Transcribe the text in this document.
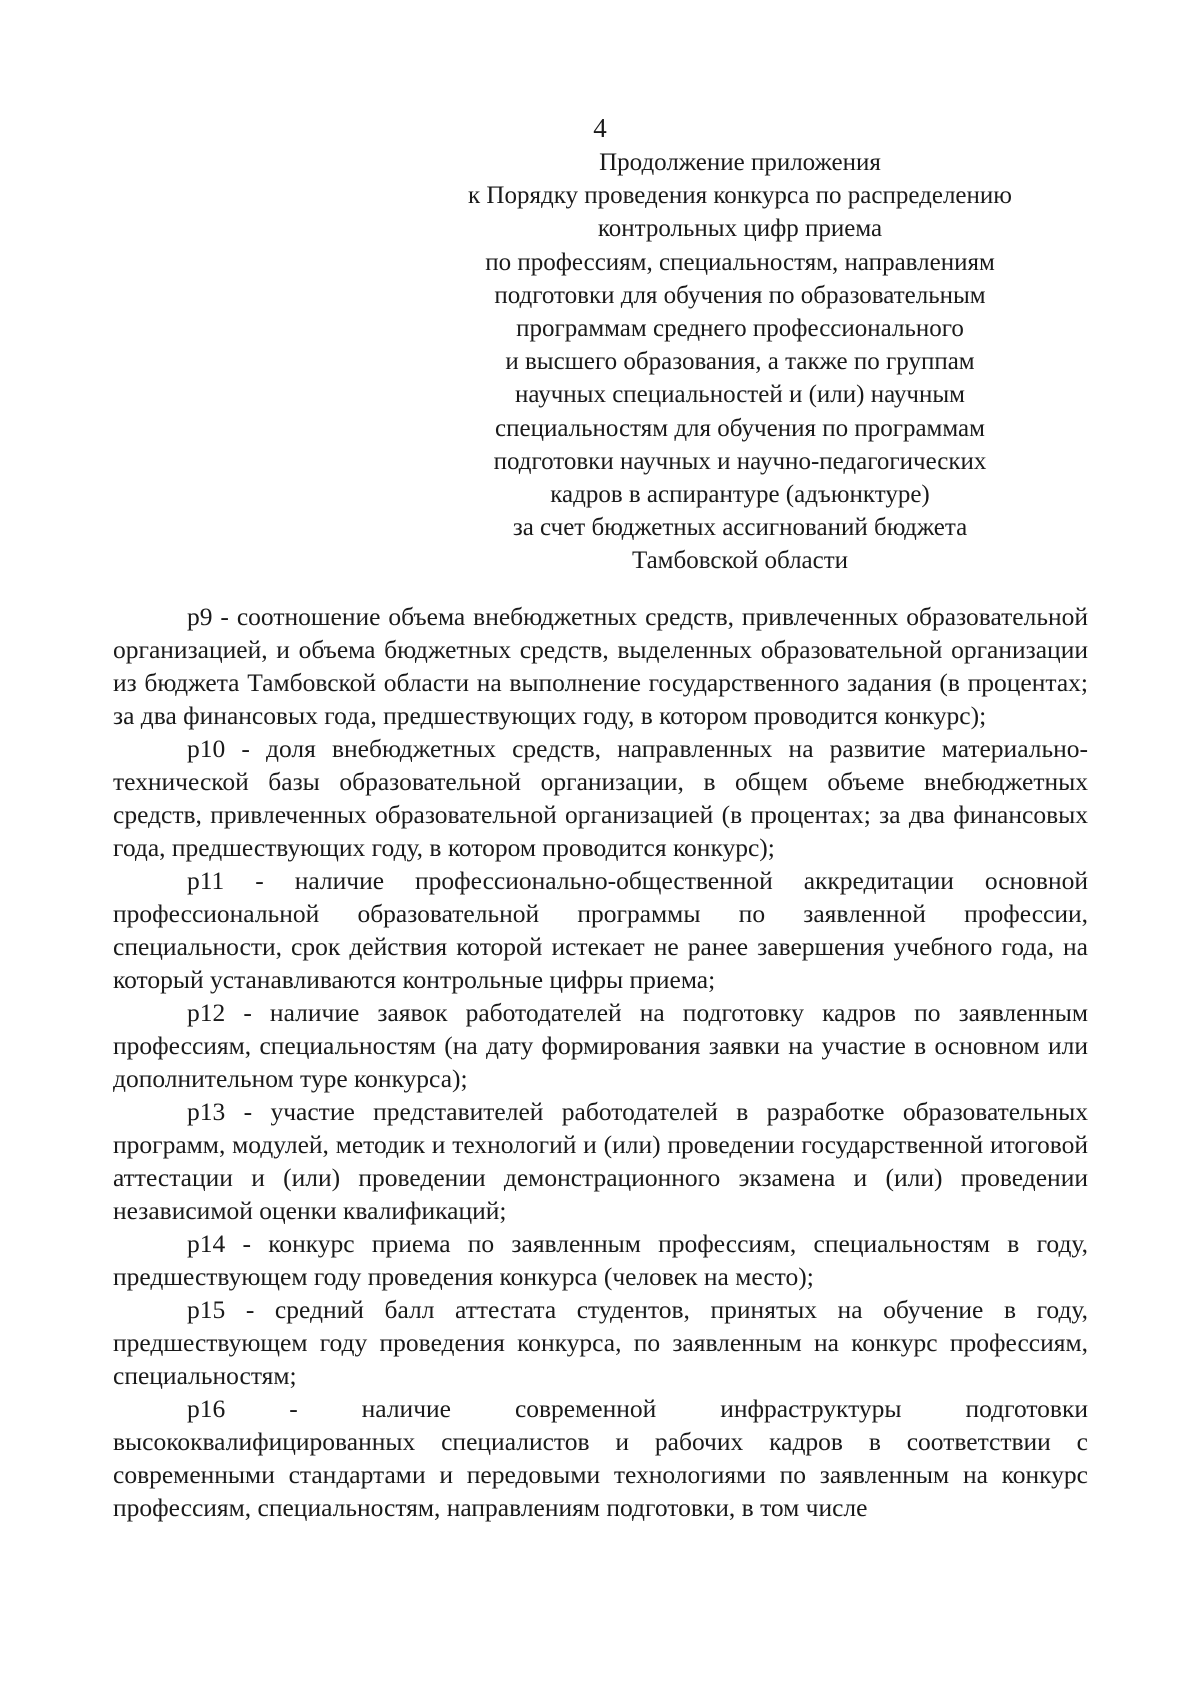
4
Продолжение приложения
к Порядку проведения конкурса по распределению
контрольных цифр приема
по профессиям, специальностям, направлениям
подготовки для обучения по образовательным
программам среднего профессионального
и высшего образования, а также по группам
научных специальностей и (или) научным
специальностям для обучения по программам
подготовки научных и научно-педагогических
кадров в аспирантуре (адъюнктуре)
за счет бюджетных ассигнований бюджета
Тамбовской области

р9 - соотношение объема внебюджетных средств, привлеченных образовательной организацией, и объема бюджетных средств, выделенных образовательной организации из бюджета Тамбовской области на выполнение государственного задания (в процентах; за два финансовых года, предшествующих году, в котором проводится конкурс);

р10 - доля внебюджетных средств, направленных на развитие материально-технической базы образовательной организации, в общем объеме внебюджетных средств, привлеченных образовательной организацией (в процентах; за два финансовых года, предшествующих году, в котором проводится конкурс);

р11 - наличие профессионально-общественной аккредитации основной профессиональной образовательной программы по заявленной профессии, специальности, срок действия которой истекает не ранее завершения учебного года, на который устанавливаются контрольные цифры приема;

р12 - наличие заявок работодателей на подготовку кадров по заявленным профессиям, специальностям (на дату формирования заявки на участие в основном или дополнительном туре конкурса);

р13 - участие представителей работодателей в разработке образовательных программ, модулей, методик и технологий и (или) проведении государственной итоговой аттестации и (или) проведении демонстрационного экзамена и (или) проведении независимой оценки квалификаций;

р14 - конкурс приема по заявленным профессиям, специальностям в году, предшествующем году проведения конкурса (человек на место);

р15 - средний балл аттестата студентов, принятых на обучение в году, предшествующем году проведения конкурса, по заявленным на конкурс профессиям, специальностям;

р16 - наличие современной инфраструктуры подготовки высококвалифицированных специалистов и рабочих кадров в соответствии с современными стандартами и передовыми технологиями по заявленным на конкурс профессиям, специальностям, направлениям подготовки, в том числе
